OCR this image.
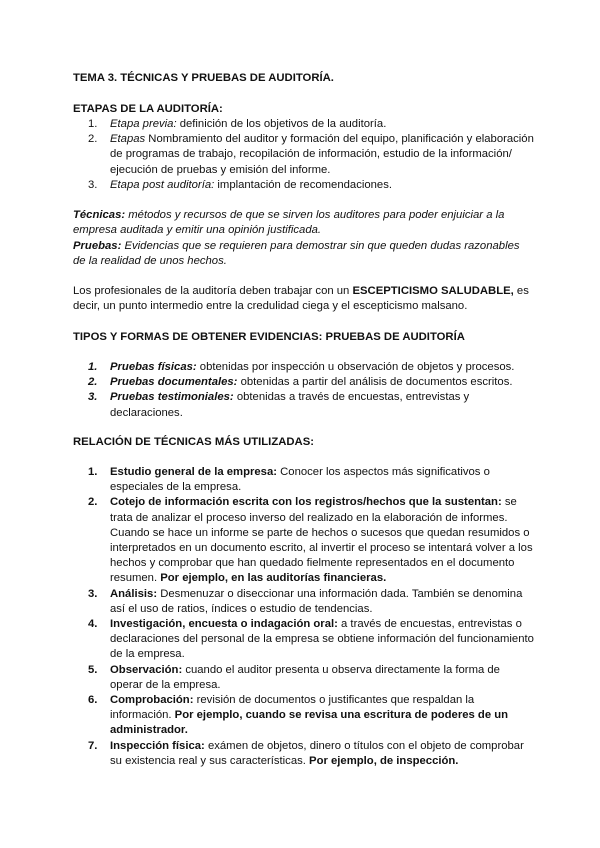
TEMA 3. TÉCNICAS Y PRUEBAS DE AUDITORÍA.

ETAPAS DE LA AUDITORÍA:

1. Etapa previa: definición de los objetivos de la auditoría.
2. Etapas Nombramiento del auditor y formación del equipo, planificación y elaboración de programas de trabajo, recopilación de información, estudio de la información/ ejecución de pruebas y emisión del informe.
3. Etapa post auditoría: implantación de recomendaciones.

Técnicas: métodos y recursos de que se sirven los auditores para poder enjuiciar a la empresa auditada y emitir una opinión justificada.

Pruebas: Evidencias que se requieren para demostrar sin que queden dudas razonables de la realidad de unos hechos.

Los profesionales de la auditoría deben trabajar con un ESCEPTICISMO SALUDABLE, es decir, un punto intermedio entre la credulidad ciega y el escepticismo malsano.

TIPOS Y FORMAS DE OBTENER EVIDENCIAS: PRUEBAS DE AUDITORÍA

1. Pruebas físicas: obtenidas por inspección u observación de objetos y procesos.
2. Pruebas documentales: obtenidas a partir del análisis de documentos escritos.
3. Pruebas testimoniales: obtenidas a través de encuestas, entrevistas y declaraciones.

RELACIÓN DE TÉCNICAS MÁS UTILIZADAS:

1. Estudio general de la empresa: Conocer los aspectos más significativos o especiales de la empresa.
2. Cotejo de información escrita con los registros/hechos que la sustentan: se trata de analizar el proceso inverso del realizado en la elaboración de informes. Cuando se hace un informe se parte de hechos o sucesos que quedan resumidos o interpretados en un documento escrito, al invertir el proceso se intentará volver a los hechos y comprobar que han quedado fielmente representados en el documento resumen. Por ejemplo, en las auditorías financieras.
3. Análisis: Desmenuzar o diseccionar una información dada. También se denomina así el uso de ratios, índices o estudio de tendencias.
4. Investigación, encuesta o indagación oral: a través de encuestas, entrevistas o declaraciones del personal de la empresa se obtiene información del funcionamiento de la empresa.
5. Observación: cuando el auditor presenta u observa directamente la forma de operar de la empresa.
6. Comprobación: revisión de documentos o justificantes que respaldan la información. Por ejemplo, cuando se revisa una escritura de poderes de un administrador.
7. Inspección física: exámen de objetos, dinero o títulos con el objeto de comprobar su existencia real y sus características. Por ejemplo, de inspección.
